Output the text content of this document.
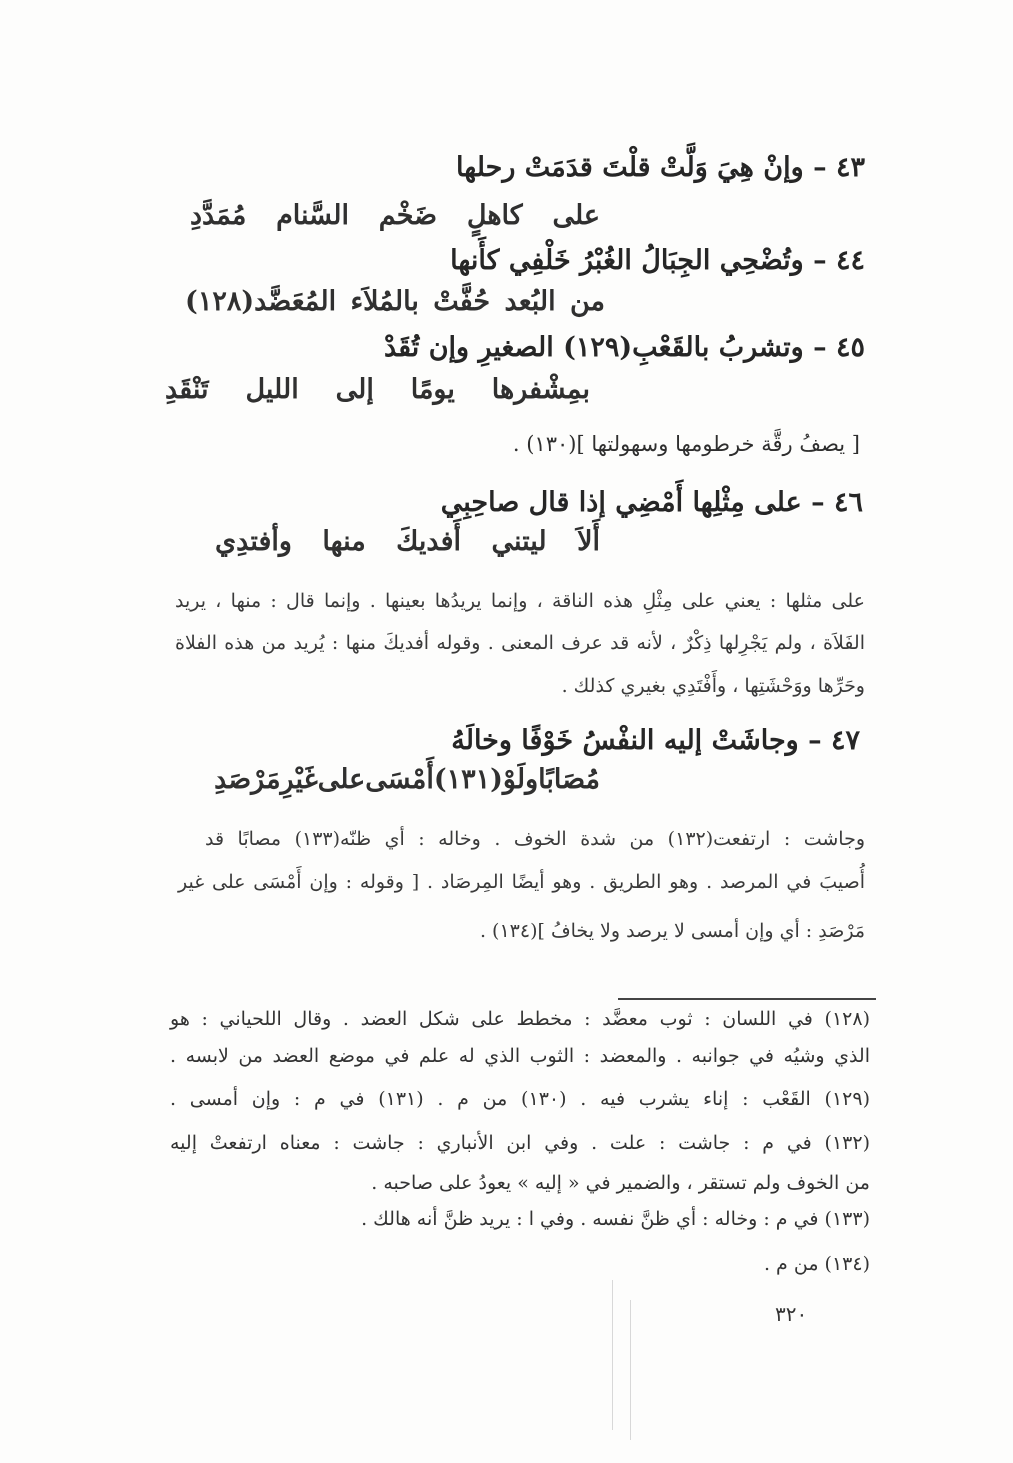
٤٣ – وإنْ هِيَ وَلَّتْ قلْتَ قدَمَتْ رحلها
على
كاهلٍ
ضَخْم
السَّنام
مُمَدَّدِ
٤٤ – وتُضْحِي الجِبَالُ الغُبْرُ خَلْفِي كأَنها
من
البُعد
حُفَّتْ
بالمُلاَء
المُعَضَّد(١٢٨)
٤٥ – وتشربُ بالقَعْبِ(١٢٩) الصغيرِ وإن تُقَدْ
بمِشْفرها
يومًا
إلى
الليل
تَنْقَدِ
[ يصفُ رقَّة خرطومها وسهولتها ](١٣٠) .
٤٦ – على مِثْلِها أَمْضِي إذا قال صاحِبِي
أَلاَ
ليتني
أَفديكَ
منها
وأفتدِي
على مثلها : يعني على مِثْلِ هذه الناقة ، وإنما يريدُها بعينها . وإنما قال : منها ، يريد
الفَلاَة ، ولم يَجْرِلها ذِكْرٌ ، لأنه قد عرف المعنى . وقوله أفديكَ منها : يُريد من هذه الفلاة
وحَرِّها ووَحْشَتِها ، وأَفْتَدِي بغيري كذلك .
٤٧ – وجاشَتْ إليه النفْسُ خَوْفًا وخالَهُ
مُصَابًا
ولَوْ(١٣١)
أَمْسَى
على
غَيْرِ
مَرْصَدِ
وجاشت : ارتفعت(١٣٢) من شدة الخوف . وخاله : أي ظنّه(١٣٣) مصابًا قد
أُصيبَ في المرصد . وهو الطريق . وهو أيضًا المِرصَاد . [ وقوله : وإن أَمْسَى على غير
مَرْصَدِ : أي وإن أمسى لا يرصد ولا يخافُ ](١٣٤) .
(١٢٨) في اللسان : ثوب معضَّد : مخطط على شكل العضد . وقال اللحياني : هو
الذي وشيُه في جوانبه . والمعضد : الثوب الذي له علم في موضع العضد من لابسه .
(١٢٩) القَعْب : إناء يشرب فيه . (١٣٠) من م . (١٣١) في م : وإن أمسى .
(١٣٢) في م : جاشت : علت . وفي ابن الأنباري : جاشت : معناه ارتفعتْ إليه
من الخوف ولم تستقر ، والضمير في « إليه » يعودُ على صاحبه .
(١٣٣) في م : وخاله : أي ظنَّ نفسه . وفي ا : يريد ظنَّ أنه هالك .
(١٣٤) من م .
٣٢٠
